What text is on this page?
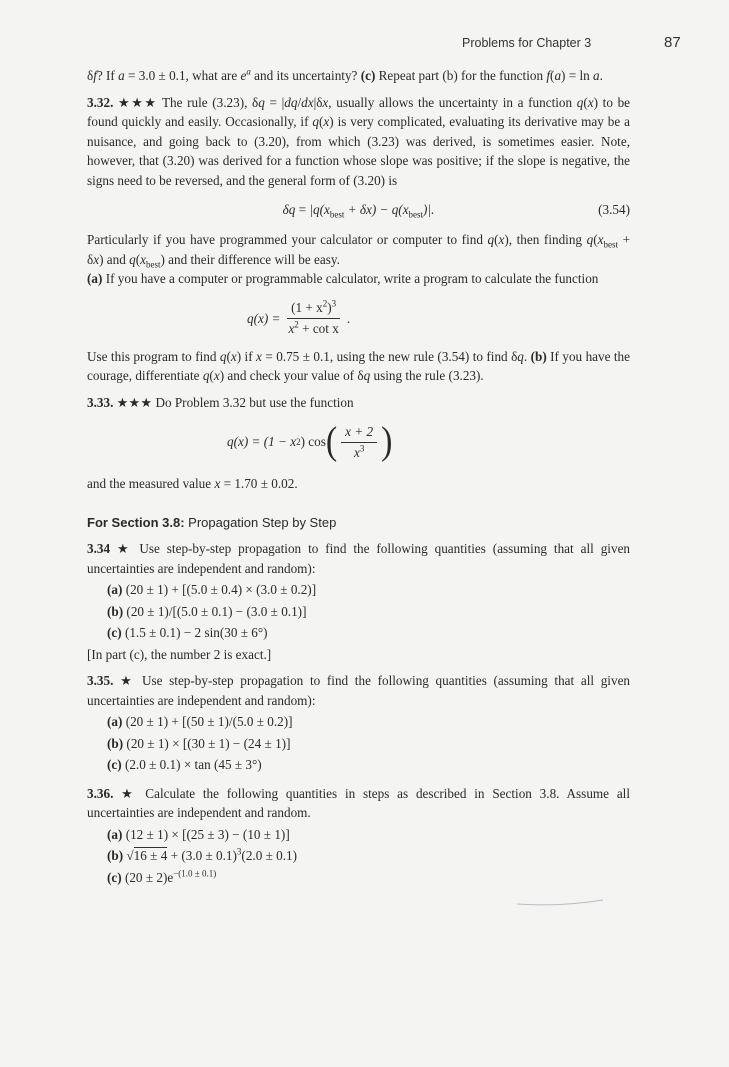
Problems for Chapter 3	87

δf? If a = 3.0 ± 0.1, what are $e^a$ and its uncertainty? (c) Repeat part (b) for the function f(a) = ln a.

3.32. ★★★ The rule (3.23), δq = |dq/dx|δx, usually allows the uncertainty in a function q(x) to be found quickly and easily. Occasionally, if q(x) is very complicated, evaluating its derivative may be a nuisance, and going back to (3.20), from which (3.23) was derived, is sometimes easier. Note, however, that (3.20) was derived for a function whose slope was positive; if the slope is negative, the signs need to be reversed, and the general form of (3.20) is

$\delta q = |q(x_{best} + \delta x) - q(x_{best})|$.	(3.54)

Particularly if you have programmed your calculator or computer to find q(x), then finding $q(x_{best} + \delta x)$ and $q(x_{best})$ and their difference will be easy.

(a) If you have a computer or programmable calculator, write a program to calculate the function

$q(x) = \frac{(1 + x^2)^3}{x^2 + \cot x}$ .

Use this program to find q(x) if x = 0.75 ± 0.1, using the new rule (3.54) to find δq. (b) If you have the courage, differentiate q(x) and check your value of δq using the rule (3.23).

3.33. ★★★ Do Problem 3.32 but use the function

q(x) = (1 − x 2 ) cos ( $\frac{x + 2}{x^3}$ )

and the measured value x = 1.70 ± 0.02.

For Section 3.8: Propagation Step by Step

3.34 ★ Use step-by-step propagation to find the following quantities (assuming that all given uncertainties are independent and random):

(a) (20 ± 1) + [(5.0 ± 0.4) × (3.0 ± 0.2)]
(b) (20 ± 1)/[(5.0 ± 0.1) − (3.0 ± 0.1)]
(c) (1.5 ± 0.1) − 2 sin(30 ± 6°)

[In part (c), the number 2 is exact.]

3.35. ★ Use step-by-step propagation to find the following quantities (assuming that all given uncertainties are independent and random):

(a) (20 ± 1) + [(50 ± 1)/(5.0 ± 0.2)]
(b) (20 ± 1) × [(30 ± 1) − (24 ± 1)]
(c) (2.0 ± 0.1) × tan (45 ± 3°)

3.36. ★ Calculate the following quantities in steps as described in Section 3.8. Assume all uncertainties are independent and random.

(a) (12 ± 1) × [(25 ± 3) − (10 ± 1)]
(b) $√16 \pm 4 + (3.0 \pm 0.1)^3(2.0 \pm 0.1)$
(c) $(20 \pm 2)e^{-(1.0 \pm 0.1)}$
